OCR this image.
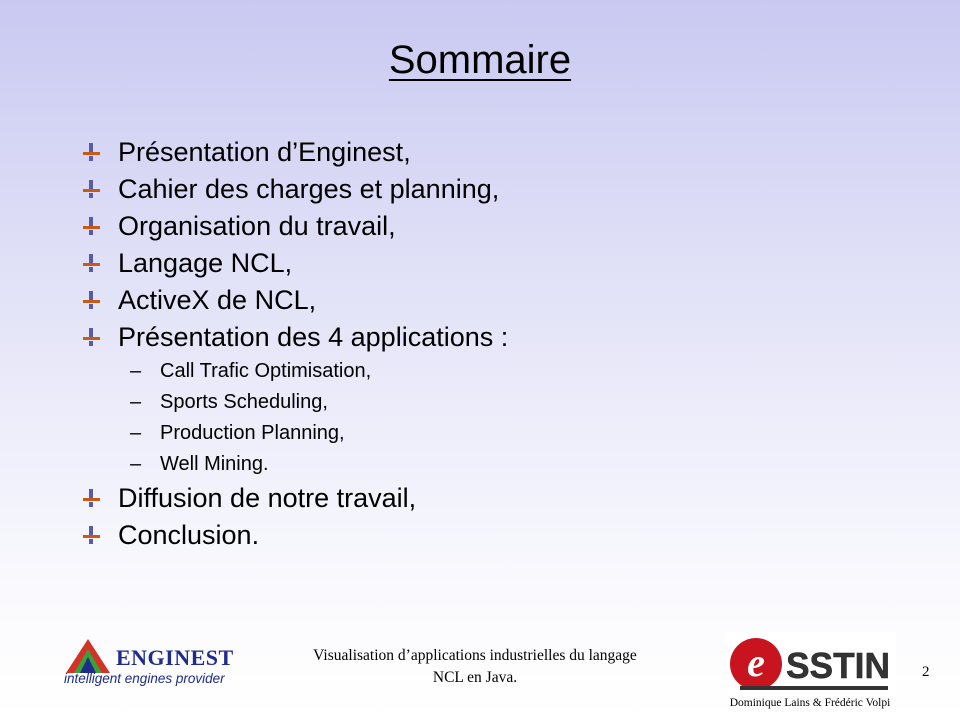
Sommaire
Présentation d’Enginest,
Cahier des charges et planning,
Organisation du travail,
Langage NCL,
ActiveX de NCL,
Présentation des 4 applications :
– Call Trafic Optimisation,
– Sports Scheduling,
– Production Planning,
– Well Mining.
Diffusion de notre travail,
Conclusion.
ENGINEST
intelligent engines provider
Visualisation d’applications industrielles du langage
NCL en Java.	e SSTIN 2
Dominique Lains & Frédéric Volpi
